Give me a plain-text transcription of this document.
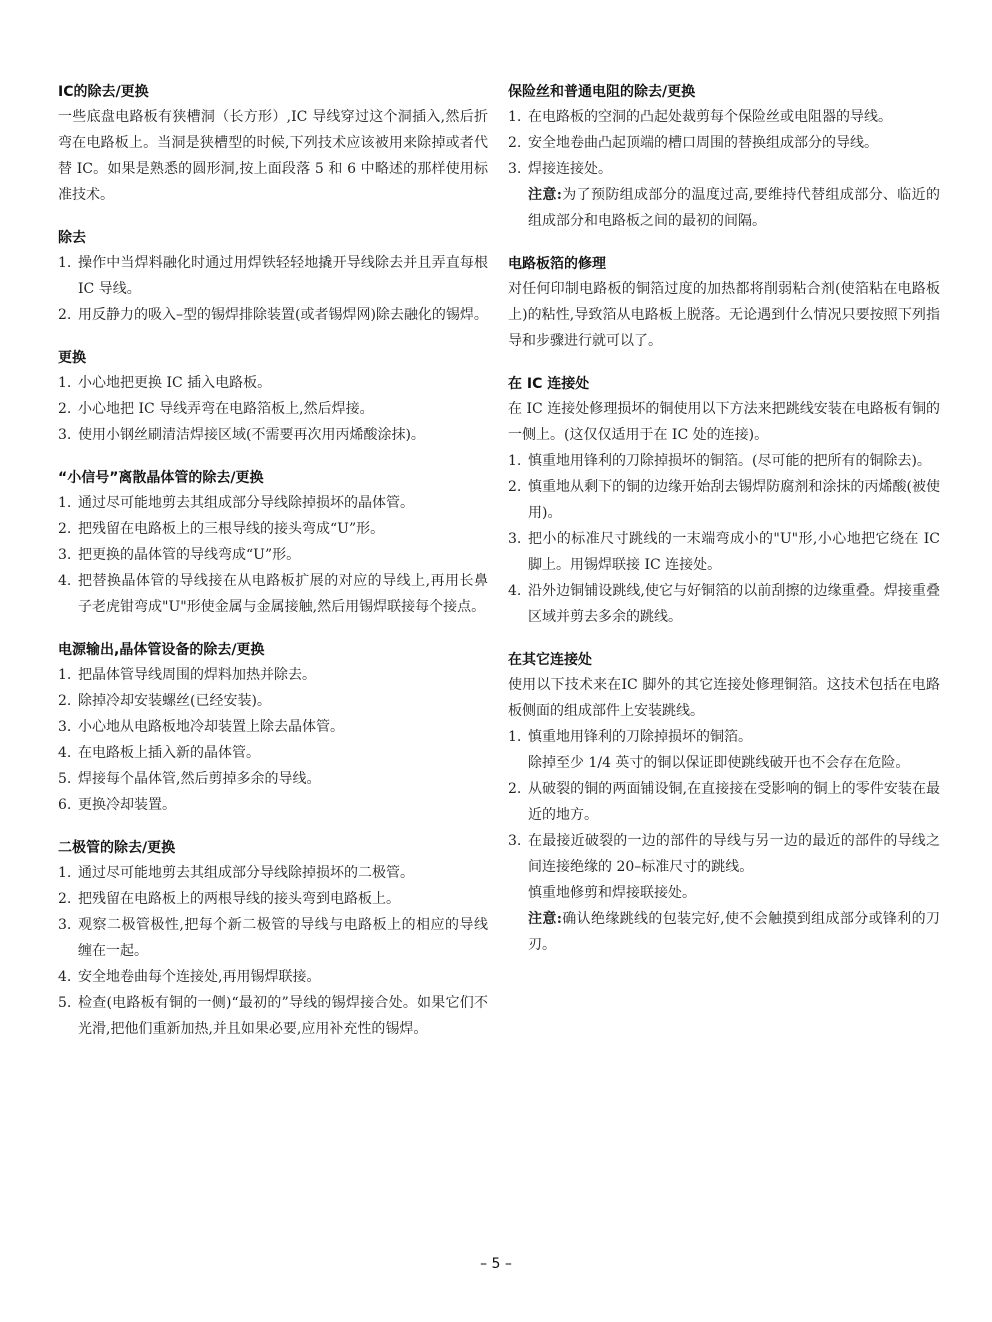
IC的除去/更换

一些底盘电路板有狭槽洞（长方形）,IC 导线穿过这个洞插入,然后折弯在电路板上。当洞是狭槽型的时候,下列技术应该被用来除掉或者代替 IC。如果是熟悉的圆形洞,按上面段落 5 和 6 中略述的那样使用标准技术。

除去
1. 操作中当焊料融化时通过用焊铁轻轻地撬开导线除去并且弄直每根 IC 导线。
2. 用反静力的吸入–型的锡焊排除装置(或者锡焊网)除去融化的锡焊。
更换
1. 小心地把更换 IC 插入电路板。
2. 小心地把 IC 导线弄弯在电路箔板上,然后焊接。
3. 使用小钢丝刷清洁焊接区域(不需要再次用丙烯酸涂抹)。
“小信号”离散晶体管的除去/更换
1. 通过尽可能地剪去其组成部分导线除掉损坏的晶体管。
2. 把残留在电路板上的三根导线的接头弯成“U”形。
3. 把更换的晶体管的导线弯成“U”形。
4. 把替换晶体管的导线接在从电路板扩展的对应的导线上,再用长鼻子老虎钳弯成"U"形使金属与金属接触,然后用锡焊联接每个接点。
电源输出,晶体管设备的除去/更换
1. 把晶体管导线周围的焊料加热并除去。
2. 除掉冷却安装螺丝(已经安装)。
3. 小心地从电路板地冷却装置上除去晶体管。
4. 在电路板上插入新的晶体管。
5. 焊接每个晶体管,然后剪掉多余的导线。
6. 更换冷却装置。
二极管的除去/更换
1. 通过尽可能地剪去其组成部分导线除掉损坏的二极管。
2. 把残留在电路板上的两根导线的接头弯到电路板上。
3. 观察二极管极性,把每个新二极管的导线与电路板上的相应的导线缠在一起。
4. 安全地卷曲每个连接处,再用锡焊联接。
5. 检查(电路板有铜的一侧)“最初的”导线的锡焊接合处。如果它们不光滑,把他们重新加热,并且如果必要,应用补充性的锡焊。
保险丝和普通电阻的除去/更换
1. 在电路板的空洞的凸起处裁剪每个保险丝或电阻器的导线。
2. 安全地卷曲凸起顶端的槽口周围的替换组成部分的导线。
3. 焊接连接处。
注意:为了预防组成部分的温度过高,要维持代替组成部分、临近的组成部分和电路板之间的最初的间隔。
电路板箔的修理

对任何印制电路板的铜箔过度的加热都将削弱粘合剂(使箔粘在电路板上)的粘性,导致箔从电路板上脱落。无论遇到什么情况只要按照下列指导和步骤进行就可以了。

在 IC 连接处

在 IC 连接处修理损坏的铜使用以下方法来把跳线安装在电路板有铜的一侧上。(这仅仅适用于在 IC 处的连接)。

1. 慎重地用锋利的刀除掉损坏的铜箔。(尽可能的把所有的铜除去)。
2. 慎重地从剩下的铜的边缘开始刮去锡焊防腐剂和涂抹的丙烯酸(被使用)。
3. 把小的标准尺寸跳线的一末端弯成小的"U"形,小心地把它绕在 IC 脚上。用锡焊联接 IC 连接处。
4. 沿外边铜铺设跳线,使它与好铜箔的以前刮擦的边缘重叠。焊接重叠区域并剪去多余的跳线。
在其它连接处

使用以下技术来在IC 脚外的其它连接处修理铜箔。这技术包括在电路板侧面的组成部件上安装跳线。

1. 慎重地用锋利的刀除掉损坏的铜箔。
除掉至少 1/4 英寸的铜以保证即使跳线破开也不会存在危险。
2. 从破裂的铜的两面铺设铜,在直接接在受影响的铜上的零件安装在最近的地方。
3. 在最接近破裂的一边的部件的导线与另一边的最近的部件的导线之间连接绝缘的 20–标准尺寸的跳线。
慎重地修剪和焊接联接处。
注意:确认绝缘跳线的包装完好,使不会触摸到组成部分或锋利的刀刃。
– 5 –
